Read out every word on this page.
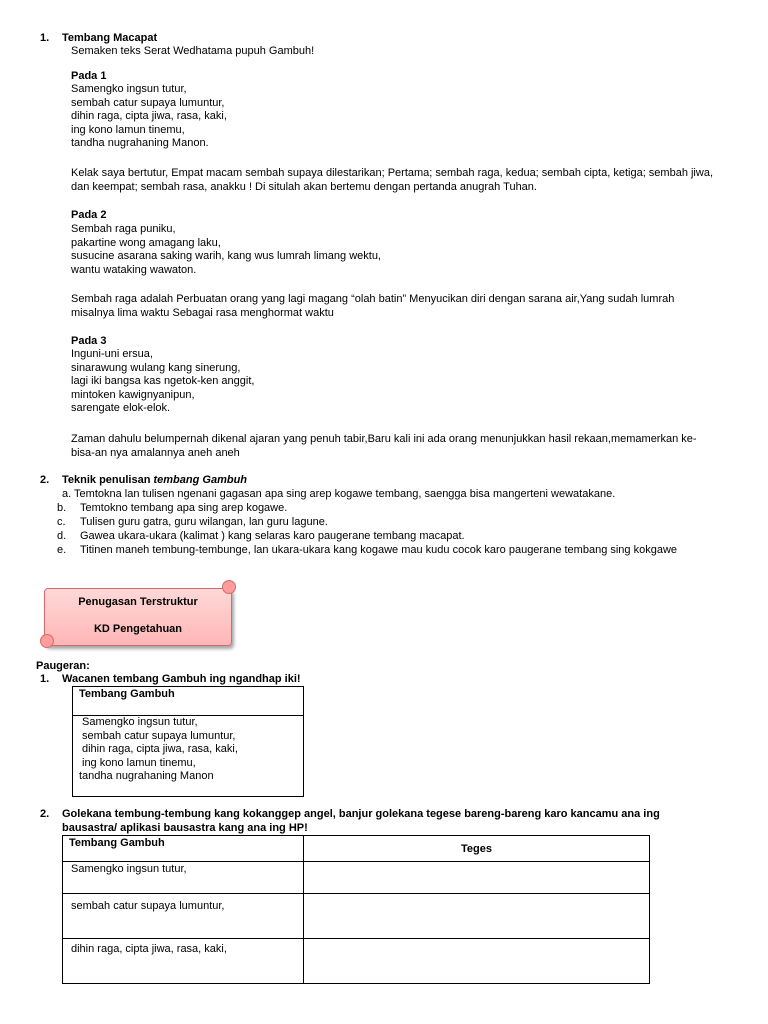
1. Tembang Macapat
Semaken teks Serat Wedhatama pupuh Gambuh!
Pada 1
Samengko ingsun tutur,
sembah catur supaya lumuntur,
dihin raga, cipta jiwa, rasa, kaki,
ing kono lamun tinemu,
tandha nugrahaning Manon.
Kelak saya bertutur, Empat macam sembah supaya dilestarikan; Pertama; sembah raga, kedua; sembah cipta, ketiga; sembah jiwa,
dan keempat; sembah rasa, anakku ! Di situlah akan bertemu dengan pertanda anugrah Tuhan.
Pada 2
Sembah raga puniku,
pakartine wong amagang laku,
susucine asarana saking warih, kang wus lumrah limang wektu,
wantu wataking wawaton.
Sembah raga adalah Perbuatan orang yang lagi magang “olah batin” Menyucikan diri dengan sarana air,Yang sudah lumrah
misalnya lima waktu Sebagai rasa menghormat waktu
Pada 3
Inguni-uni ersua,
sinarawung wulang kang sinerung,
lagi iki bangsa kas ngetok-ken anggit,
mintoken kawignyanipun,
sarengate elok-elok.
Zaman dahulu belumpernah dikenal ajaran yang penuh tabir,Baru kali ini ada orang menunjukkan hasil rekaan,memamerkan ke-
bisa-an nya amalannya aneh aneh
2. Teknik penulisan tembang Gambuh
a. Temtokna lan tulisen ngenani gagasan apa sing arep kogawe tembang, saengga bisa mangerteni wewatakane.
b. Temtokno tembang apa sing arep kogawe.
c. Tulisen guru gatra, guru wilangan, lan guru lagune.
d. Gawea ukara-ukara (kalimat ) kang selaras karo paugerane tembang macapat.
e. Titinen maneh tembung-tembunge, lan ukara-ukara kang kogawe mau kudu cocok karo paugerane tembang sing kokgawe
Penugasan Terstruktur
KD Pengetahuan
Paugeran:
1. Wacanen tembang Gambuh ing ngandhap iki!
Tembang Gambuh

Samengko ingsun tutur,
sembah catur supaya lumuntur,
dihin raga, cipta jiwa, rasa, kaki,
ing kono lamun tinemu,
tandha nugrahaning Manon
2. Golekana tembung-tembung kang kokanggep angel, banjur golekana tegese bareng-bareng karo kancamu ana ing
bausastra/ aplikasi bausastra kang ana ing HP!
Tembang Gambuh	Teges
Samengko ingsun tutur,	
sembah catur supaya lumuntur,	
dihin raga, cipta jiwa, rasa, kaki,	
